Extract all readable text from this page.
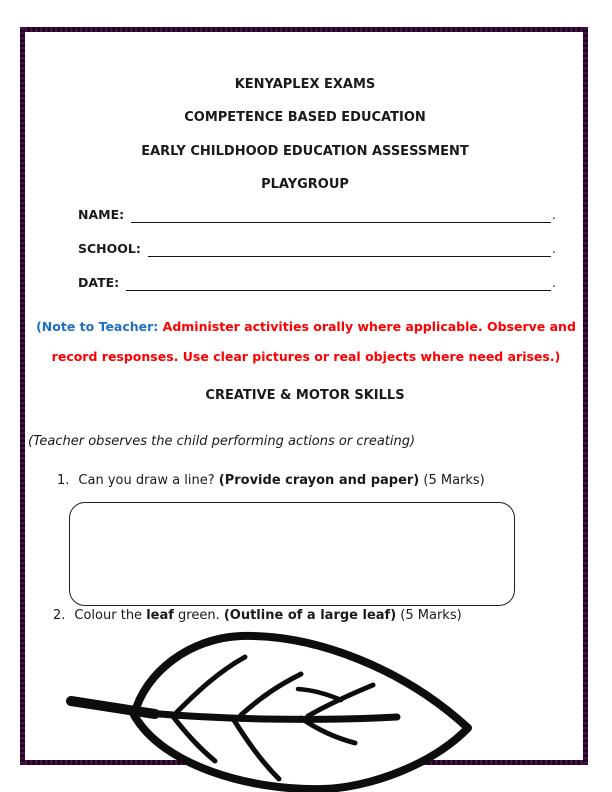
KENYAPLEX EXAMS
COMPETENCE BASED EDUCATION
EARLY CHILDHOOD EDUCATION ASSESSMENT
PLAYGROUP
NAME:	.
SCHOOL:	.
DATE:	.
(Note to Teacher: Administer activities orally where applicable. Observe and
record responses. Use clear pictures or real objects where need arises.)
CREATIVE & MOTOR SKILLS
(Teacher observes the child performing actions or creating)
1. Can you draw a line? (Provide crayon and paper) (5 Marks)
2. Colour the leaf green. (Outline of a large leaf) (5 Marks)
